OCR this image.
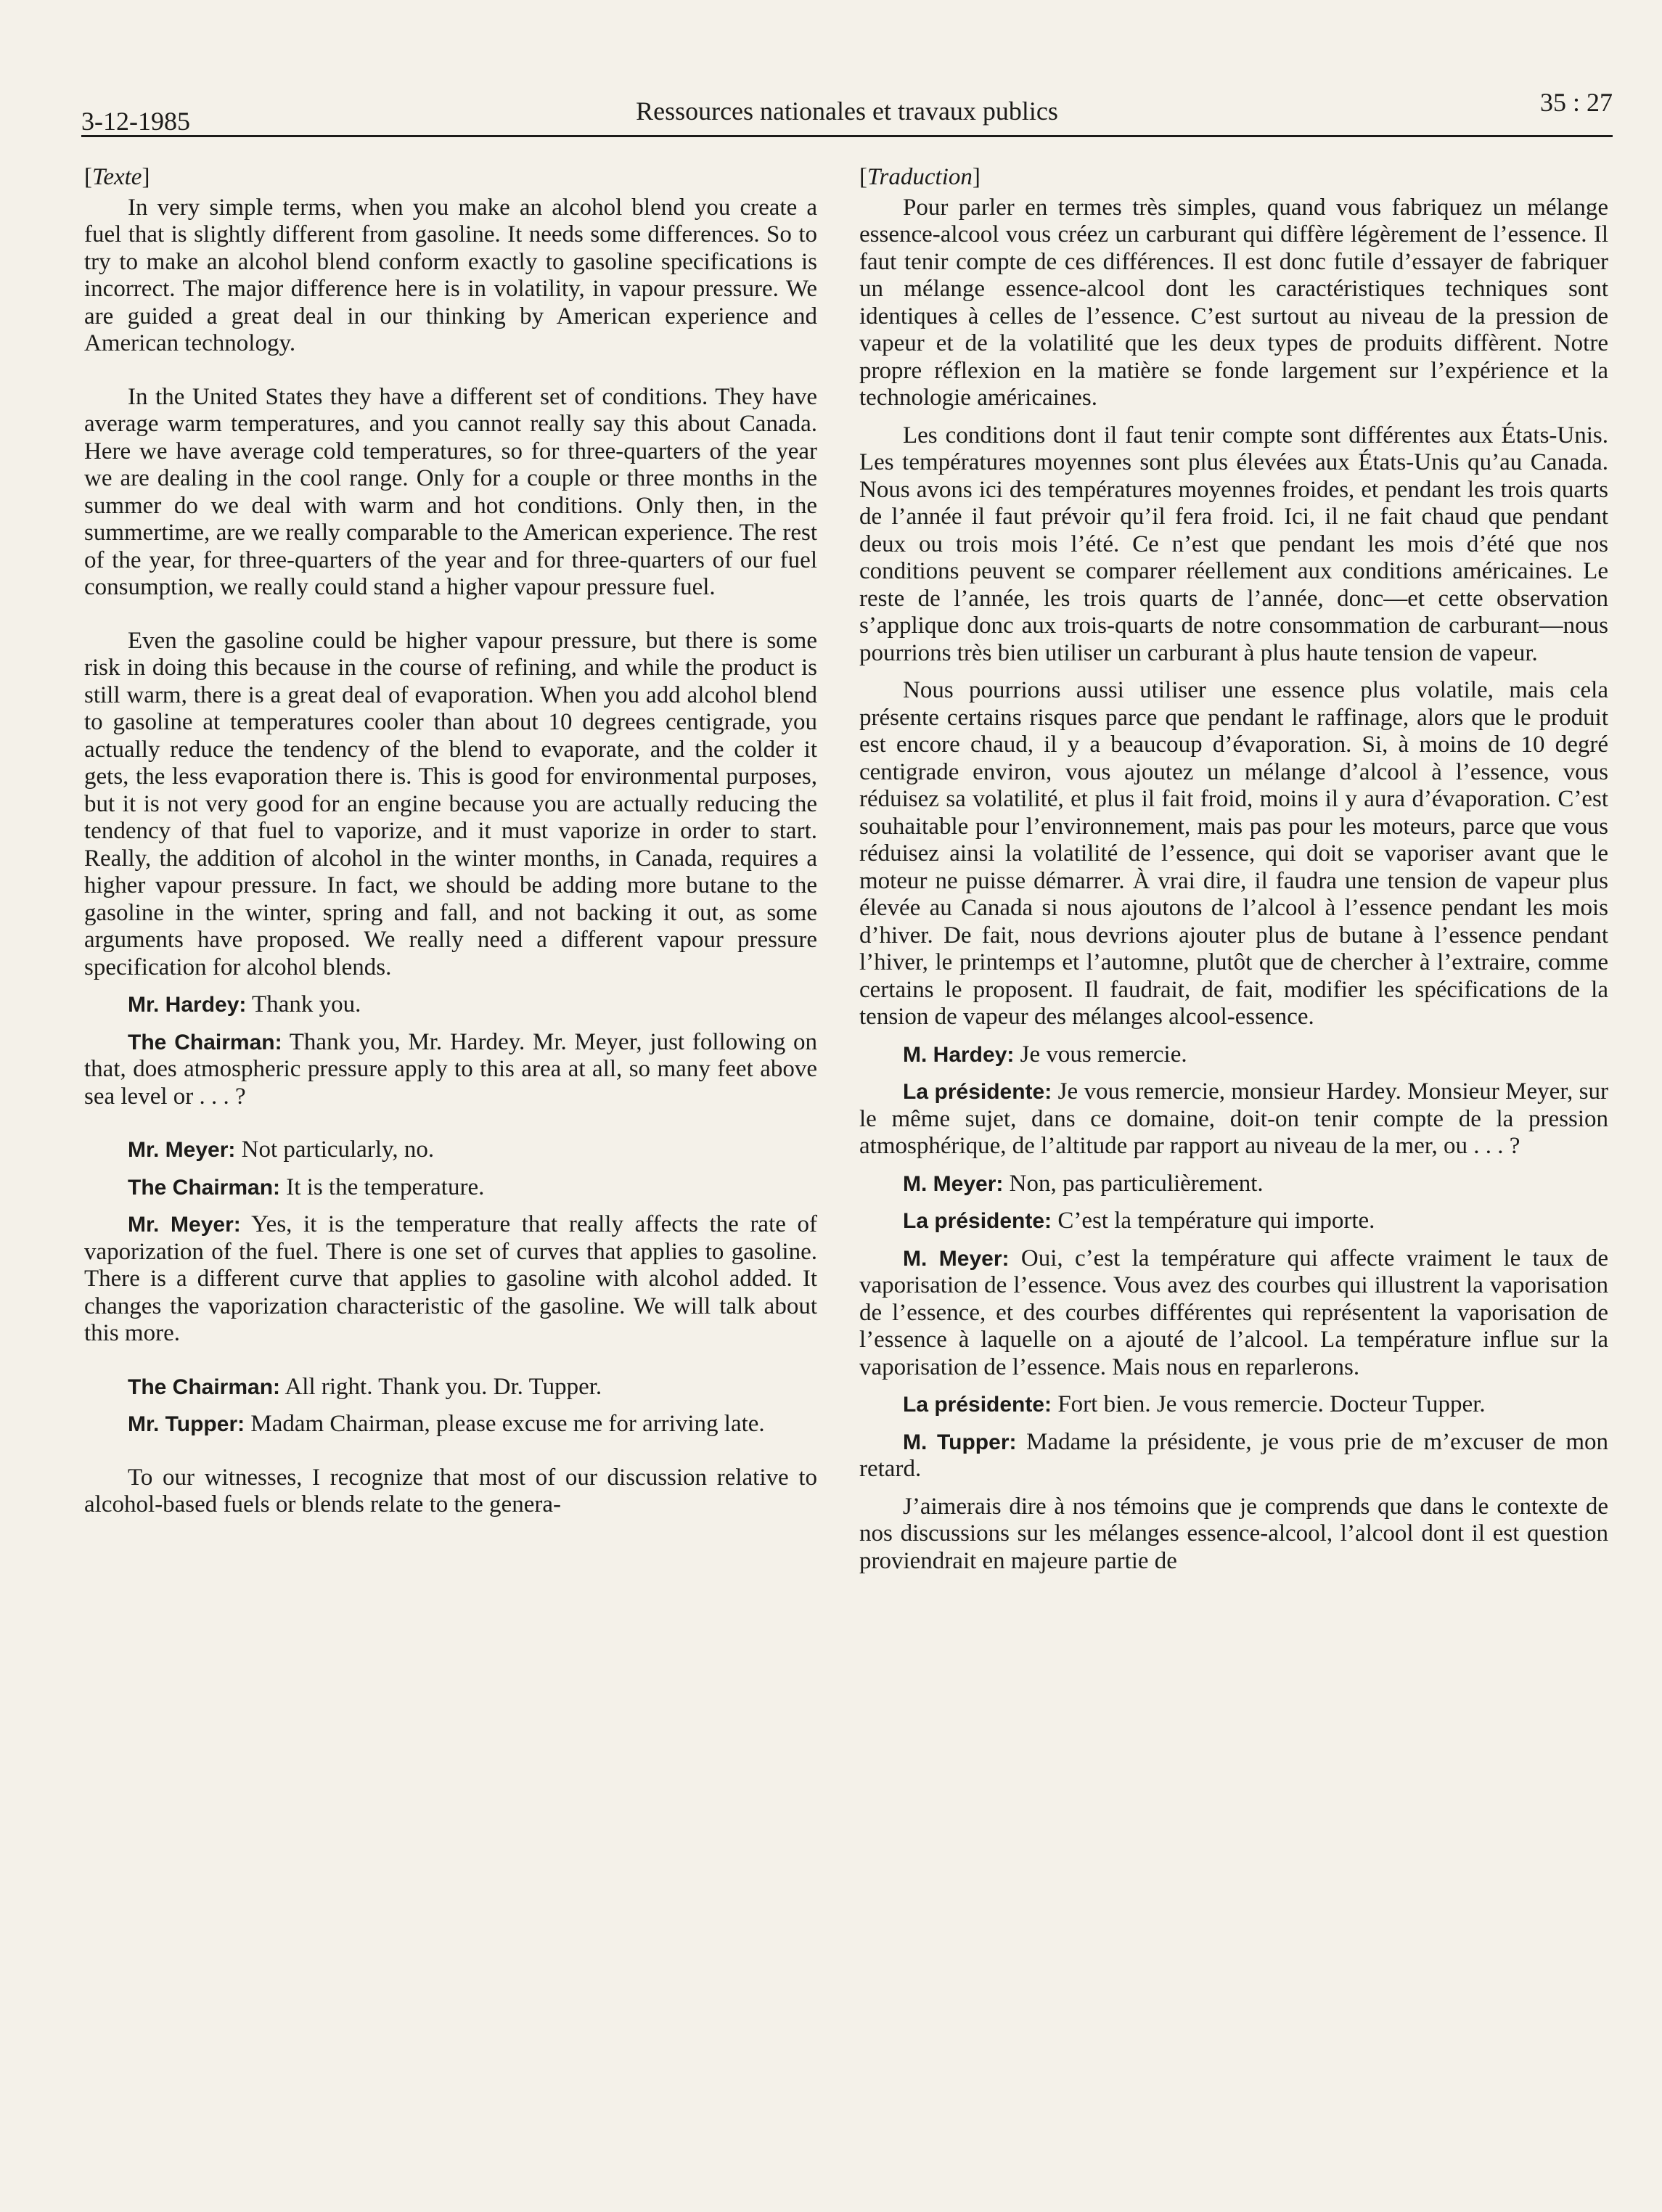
3-12-1985	Ressources nationales et travaux publics	35 : 27
[Texte]

In very simple terms, when you make an alcohol blend you create a fuel that is slightly different from gasoline. It needs some differences. So to try to make an alcohol blend conform exactly to gasoline specifications is incorrect. The major difference here is in volatility, in vapour pressure. We are guided a great deal in our thinking by American experience and American technology.

In the United States they have a different set of conditions. They have average warm temperatures, and you cannot really say this about Canada. Here we have average cold temperatures, so for three-quarters of the year we are dealing in the cool range. Only for a couple or three months in the summer do we deal with warm and hot conditions. Only then, in the summertime, are we really comparable to the American experience. The rest of the year, for three-quarters of the year and for three-quarters of our fuel consumption, we really could stand a higher vapour pressure fuel.

Even the gasoline could be higher vapour pressure, but there is some risk in doing this because in the course of refining, and while the product is still warm, there is a great deal of evaporation. When you add alcohol blend to gasoline at temperatures cooler than about 10 degrees centigrade, you actually reduce the tendency of the blend to evaporate, and the colder it gets, the less evaporation there is. This is good for environmental purposes, but it is not very good for an engine because you are actually reducing the tendency of that fuel to vaporize, and it must vaporize in order to start. Really, the addition of alcohol in the winter months, in Canada, requires a higher vapour pressure. In fact, we should be adding more butane to the gasoline in the winter, spring and fall, and not backing it out, as some arguments have proposed. We really need a different vapour pressure specification for alcohol blends.

Mr. Hardey: Thank you.

The Chairman: Thank you, Mr. Hardey. Mr. Meyer, just following on that, does atmospheric pressure apply to this area at all, so many feet above sea level or . . . ?

Mr. Meyer: Not particularly, no.

The Chairman: It is the temperature.

Mr. Meyer: Yes, it is the temperature that really affects the rate of vaporization of the fuel. There is one set of curves that applies to gasoline. There is a different curve that applies to gasoline with alcohol added. It changes the vaporization characteristic of the gasoline. We will talk about this more.

The Chairman: All right. Thank you. Dr. Tupper.

Mr. Tupper: Madam Chairman, please excuse me for arriving late.

To our witnesses, I recognize that most of our discussion relative to alcohol-based fuels or blends relate to the genera-

[Traduction]

Pour parler en termes très simples, quand vous fabriquez un mélange essence-alcool vous créez un carburant qui diffère légèrement de l’essence. Il faut tenir compte de ces différences. Il est donc futile d’essayer de fabriquer un mélange essence-alcool dont les caractéristiques techniques sont identiques à celles de l’essence. C’est surtout au niveau de la pression de vapeur et de la volatilité que les deux types de produits diffèrent. Notre propre réflexion en la matière se fonde largement sur l’expérience et la technologie américaines.

Les conditions dont il faut tenir compte sont différentes aux États-Unis. Les températures moyennes sont plus élevées aux États-Unis qu’au Canada. Nous avons ici des températures moyennes froides, et pendant les trois quarts de l’année il faut prévoir qu’il fera froid. Ici, il ne fait chaud que pendant deux ou trois mois l’été. Ce n’est que pendant les mois d’été que nos conditions peuvent se comparer réellement aux conditions américaines. Le reste de l’année, les trois quarts de l’année, donc—et cette observation s’applique donc aux trois-quarts de notre consommation de carburant—nous pourrions très bien utiliser un carburant à plus haute tension de vapeur.

Nous pourrions aussi utiliser une essence plus volatile, mais cela présente certains risques parce que pendant le raffinage, alors que le produit est encore chaud, il y a beaucoup d’évaporation. Si, à moins de 10 degré centigrade environ, vous ajoutez un mélange d’alcool à l’essence, vous réduisez sa volatilité, et plus il fait froid, moins il y aura d’évaporation. C’est souhaitable pour l’environnement, mais pas pour les moteurs, parce que vous réduisez ainsi la volatilité de l’essence, qui doit se vaporiser avant que le moteur ne puisse démarrer. À vrai dire, il faudra une tension de vapeur plus élevée au Canada si nous ajoutons de l’alcool à l’essence pendant les mois d’hiver. De fait, nous devrions ajouter plus de butane à l’essence pendant l’hiver, le printemps et l’automne, plutôt que de chercher à l’extraire, comme certains le proposent. Il faudrait, de fait, modifier les spécifications de la tension de vapeur des mélanges alcool-essence.

M. Hardey: Je vous remercie.

La présidente: Je vous remercie, monsieur Hardey. Monsieur Meyer, sur le même sujet, dans ce domaine, doit-on tenir compte de la pression atmosphérique, de l’altitude par rapport au niveau de la mer, ou . . . ?

M. Meyer: Non, pas particulièrement.

La présidente: C’est la température qui importe.

M. Meyer: Oui, c’est la température qui affecte vraiment le taux de vaporisation de l’essence. Vous avez des courbes qui illustrent la vaporisation de l’essence, et des courbes différentes qui représentent la vaporisation de l’essence à laquelle on a ajouté de l’alcool. La température influe sur la vaporisation de l’essence. Mais nous en reparlerons.

La présidente: Fort bien. Je vous remercie. Docteur Tupper.

M. Tupper: Madame la présidente, je vous prie de m’excuser de mon retard.

J’aimerais dire à nos témoins que je comprends que dans le contexte de nos discussions sur les mélanges essence-alcool, l’alcool dont il est question proviendrait en majeure partie de
